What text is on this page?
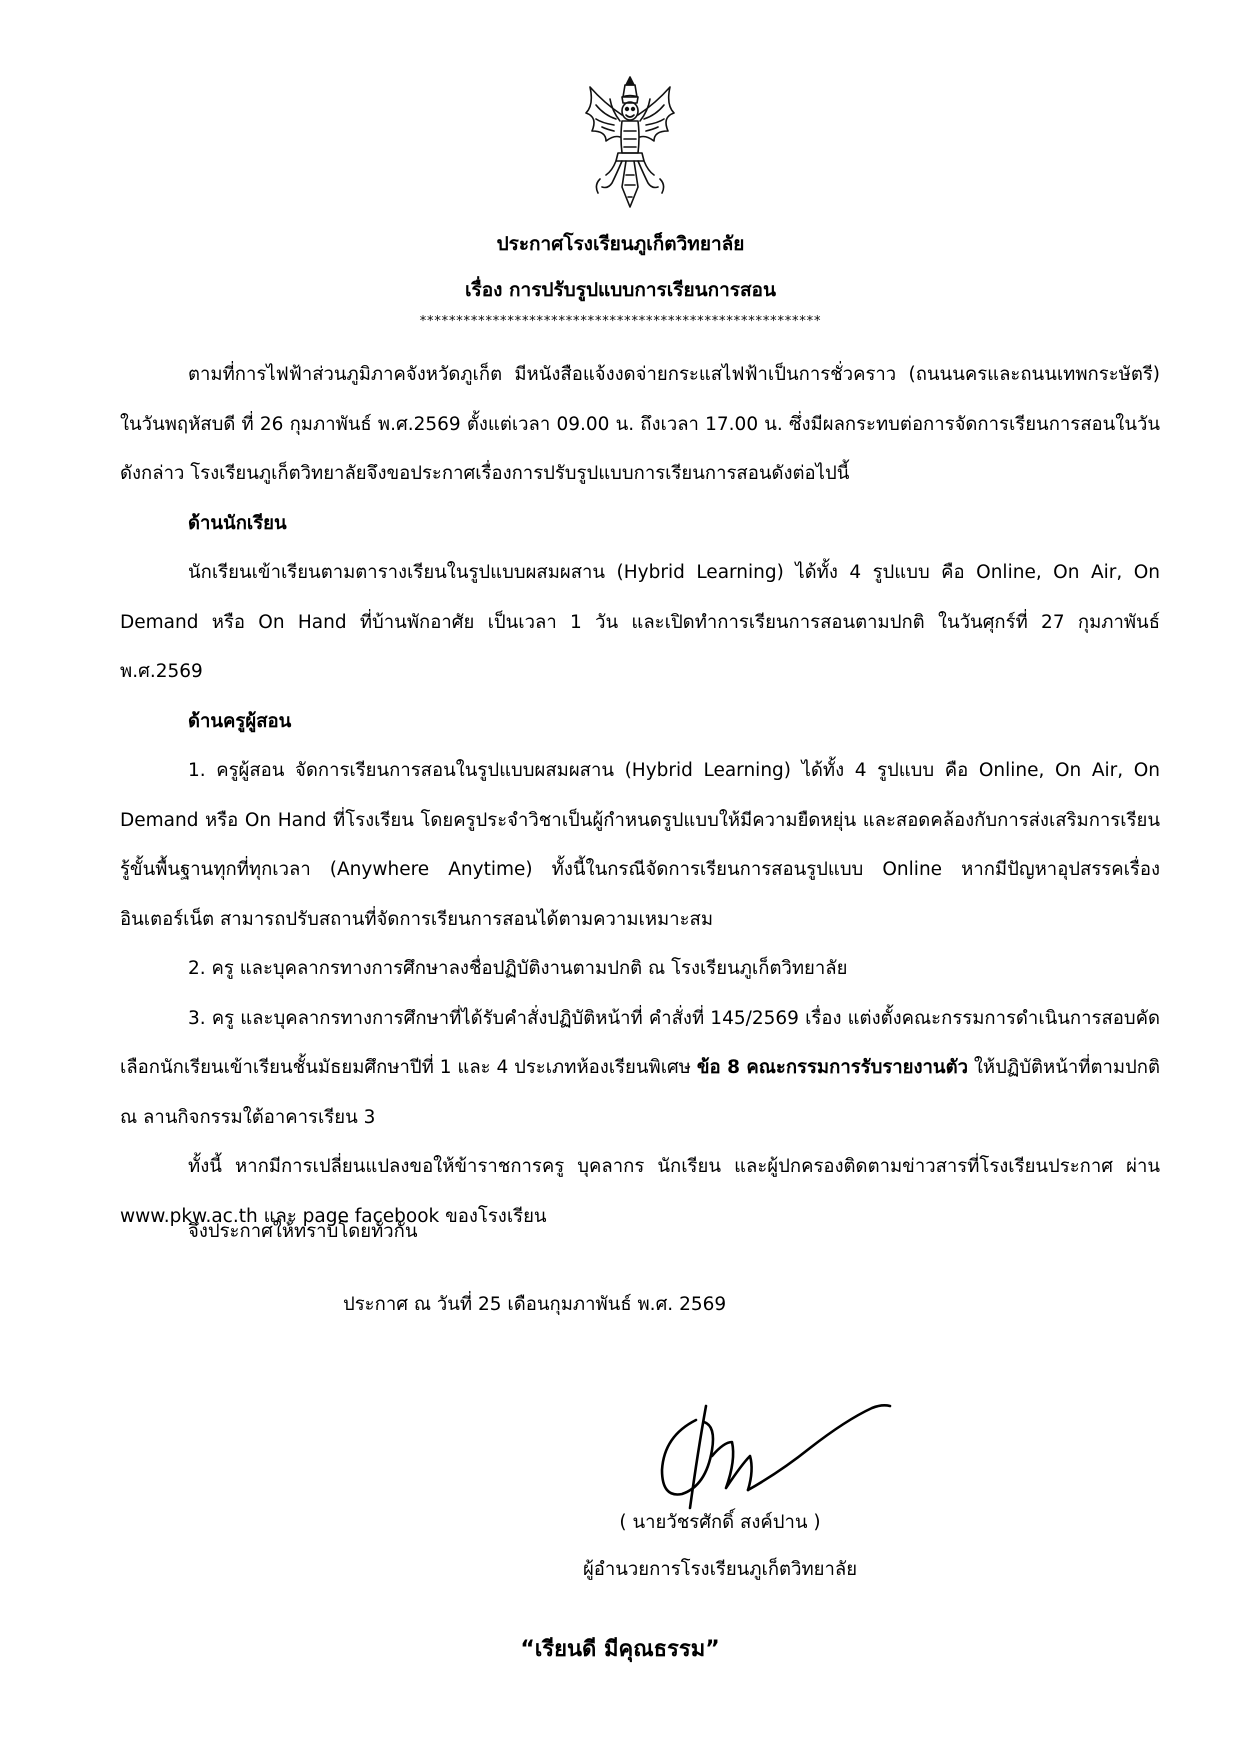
ประกาศโรงเรียนภูเก็ตวิทยาลัย
เรื่อง การปรับรูปแบบการเรียนการสอน
*******************************************************

ตามที่การไฟฟ้าส่วนภูมิภาคจังหวัดภูเก็ต มีหนังสือแจ้งงดจ่ายกระแสไฟฟ้าเป็นการชั่วคราว (ถนนนครและถนนเทพกระษัตรี) ในวันพฤหัสบดี ที่ 26 กุมภาพันธ์ พ.ศ.2569 ตั้งแต่เวลา 09.00 น. ถึงเวลา 17.00 น. ซึ่งมีผลกระทบต่อการจัดการเรียนการสอนในวันดังกล่าว โรงเรียนภูเก็ตวิทยาลัยจึงขอประกาศเรื่องการปรับรูปแบบการเรียนการสอนดังต่อไปนี้

ด้านนักเรียน

นักเรียนเข้าเรียนตามตารางเรียนในรูปแบบผสมผสาน (Hybrid Learning) ได้ทั้ง 4 รูปแบบ คือ Online, On Air, On Demand หรือ On Hand ที่บ้านพักอาศัย เป็นเวลา 1 วัน และเปิดทำการเรียนการสอนตามปกติ ในวันศุกร์ที่ 27 กุมภาพันธ์ พ.ศ.2569

ด้านครูผู้สอน

1. ครูผู้สอน จัดการเรียนการสอนในรูปแบบผสมผสาน (Hybrid Learning) ได้ทั้ง 4 รูปแบบ คือ Online, On Air, On Demand หรือ On Hand ที่โรงเรียน โดยครูประจำวิชาเป็นผู้กำหนดรูปแบบให้มีความยืดหยุ่น และสอดคล้องกับการส่งเสริมการเรียนรู้ขั้นพื้นฐานทุกที่ทุกเวลา (Anywhere Anytime) ทั้งนี้ในกรณีจัดการเรียนการสอนรูปแบบ Online หากมีปัญหาอุปสรรคเรื่องอินเตอร์เน็ต สามารถปรับสถานที่จัดการเรียนการสอนได้ตามความเหมาะสม

2. ครู และบุคลากรทางการศึกษาลงชื่อปฏิบัติงานตามปกติ ณ โรงเรียนภูเก็ตวิทยาลัย

3. ครู และบุคลากรทางการศึกษาที่ได้รับคำสั่งปฏิบัติหน้าที่ คำสั่งที่ 145/2569 เรื่อง แต่งตั้งคณะกรรมการดำเนินการสอบคัดเลือกนักเรียนเข้าเรียนชั้นมัธยมศึกษาปีที่ 1 และ 4 ประเภทห้องเรียนพิเศษ ข้อ 8 คณะกรรมการรับรายงานตัว ให้ปฏิบัติหน้าที่ตามปกติ ณ ลานกิจกรรมใต้อาคารเรียน 3

ทั้งนี้ หากมีการเปลี่ยนแปลงขอให้ข้าราชการครู บุคลากร นักเรียน และผู้ปกครองติดตามข่าวสารที่โรงเรียนประกาศ ผ่าน www.pkw.ac.th และ page facebook ของโรงเรียน

จึงประกาศให้ทราบโดยทั่วกัน
ประกาศ ณ วันที่ 25 เดือนกุมภาพันธ์ พ.ศ. 2569
( นายวัชรศักดิ์ สงค์ปาน )
ผู้อำนวยการโรงเรียนภูเก็ตวิทยาลัย
“เรียนดี มีคุณธรรม”
